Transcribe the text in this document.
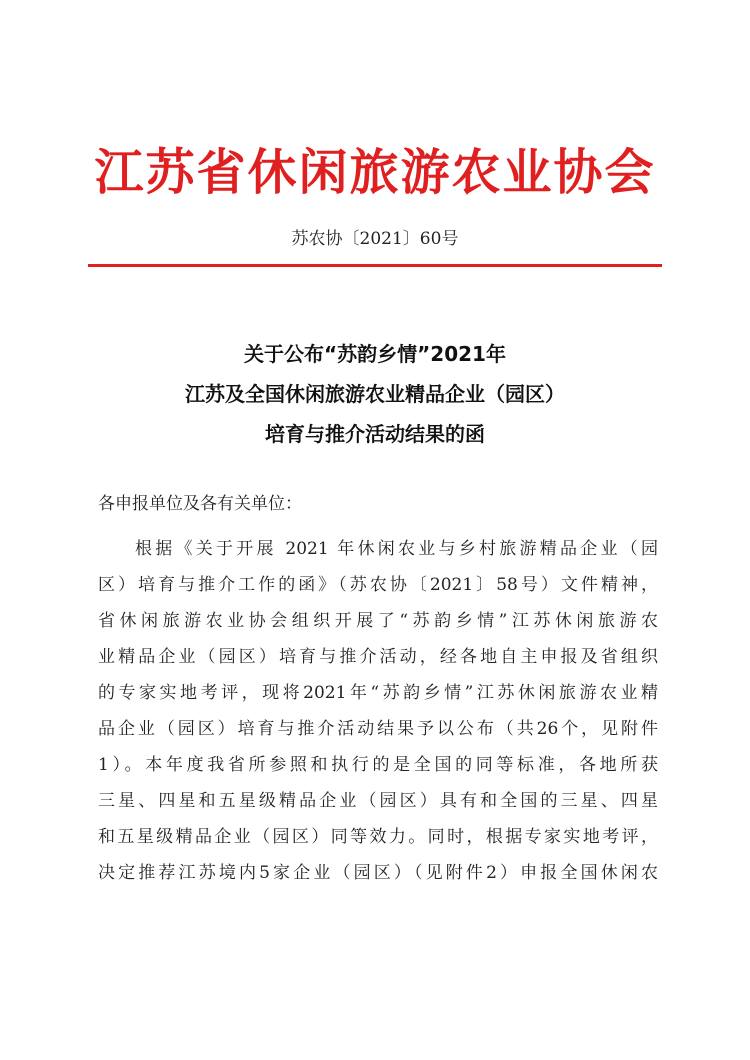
江苏省休闲旅游农业协会
苏农协〔2021〕60号
关于公布“苏韵乡情”2021年
江苏及全国休闲旅游农业精品企业（园区）
培育与推介活动结果的函
各申报单位及各有关单位：
根据《关于开展 2021 年休闲农业与乡村旅游精品企业（园
区）培育与推介工作的函》（苏农协〔2021〕58号）文件精神，
省休闲旅游农业协会组织开展了“苏韵乡情”江苏休闲旅游农
业精品企业（园区）培育与推介活动，经各地自主申报及省组织
的专家实地考评，现将2021年“苏韵乡情”江苏休闲旅游农业精
品企业（园区）培育与推介活动结果予以公布（共26个，见附件
1）。本年度我省所参照和执行的是全国的同等标准，各地所获
三星、四星和五星级精品企业（园区）具有和全国的三星、四星
和五星级精品企业（园区）同等效力。同时，根据专家实地考评，
决定推荐江苏境内5家企业（园区）（见附件2）申报全国休闲农
